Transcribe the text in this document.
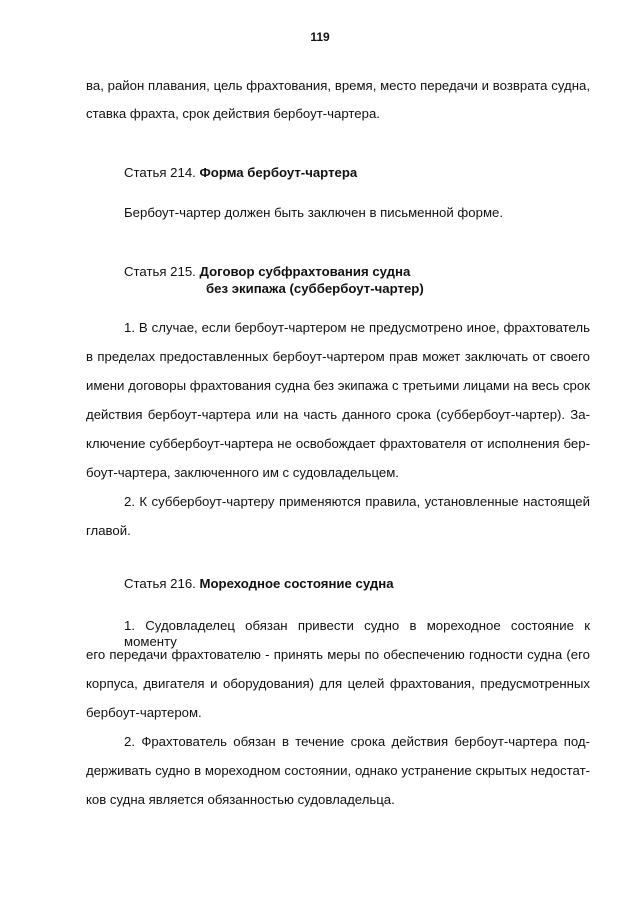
119
ва, район плавания, цель фрахтования, время, место передачи и возврата судна,
ставка фрахта, срок действия бербоут-чартера.
Статья 214. Форма бербоут-чартера
Бербоут-чартер должен быть заключен в письменной форме.
Статья 215. Договор субфрахтования судна
без экипажа (суббербоут-чартер)
1. В случае, если бербоут-чартером не предусмотрено иное, фрахтователь
в пределах предоставленных бербоут-чартером прав может заключать от своего
имени договоры фрахтования судна без экипажа с третьими лицами на весь срок
действия бербоут-чартера или на часть данного срока (суббербоут-чартер). За-
ключение суббербоут-чартера не освобождает фрахтователя от исполнения бер-
боут-чартера, заключенного им с судовладельцем.
2. К суббербоут-чартеру применяются правила, установленные настоящей
главой.
Статья 216. Мореходное состояние судна
1. Судовладелец обязан привести судно в мореходное состояние к моменту
его передачи фрахтователю - принять меры по обеспечению годности судна (его
корпуса, двигателя и оборудования) для целей фрахтования, предусмотренных
бербоут-чартером.
2. Фрахтователь обязан в течение срока действия бербоут-чартера под-
держивать судно в мореходном состоянии, однако устранение скрытых недостат-
ков судна является обязанностью судовладельца.
